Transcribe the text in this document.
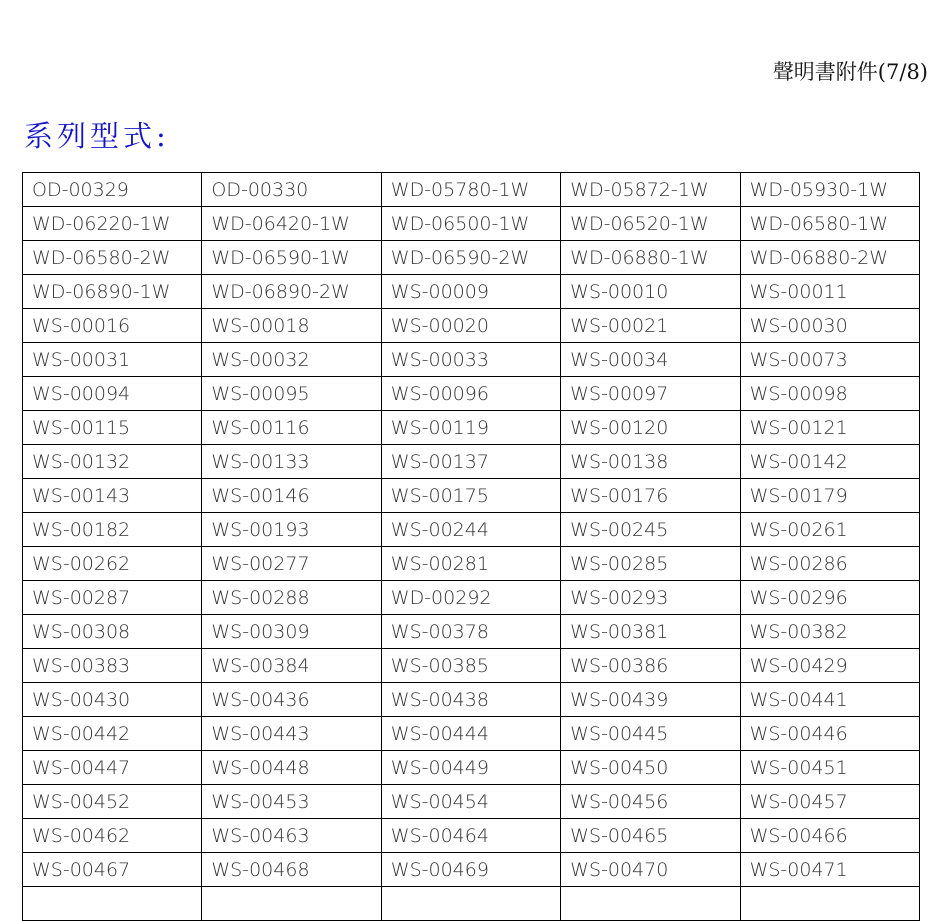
聲明書附件(7/8)
系列型式:
OD-00329	OD-00330	WD-05780-1W	WD-05872-1W	WD-05930-1W
WD-06220-1W	WD-06420-1W	WD-06500-1W	WD-06520-1W	WD-06580-1W
WD-06580-2W	WD-06590-1W	WD-06590-2W	WD-06880-1W	WD-06880-2W
WD-06890-1W	WD-06890-2W	WS-00009	WS-00010	WS-00011
WS-00016	WS-00018	WS-00020	WS-00021	WS-00030
WS-00031	WS-00032	WS-00033	WS-00034	WS-00073
WS-00094	WS-00095	WS-00096	WS-00097	WS-00098
WS-00115	WS-00116	WS-00119	WS-00120	WS-00121
WS-00132	WS-00133	WS-00137	WS-00138	WS-00142
WS-00143	WS-00146	WS-00175	WS-00176	WS-00179
WS-00182	WS-00193	WS-00244	WS-00245	WS-00261
WS-00262	WS-00277	WS-00281	WS-00285	WS-00286
WS-00287	WS-00288	WD-00292	WS-00293	WS-00296
WS-00308	WS-00309	WS-00378	WS-00381	WS-00382
WS-00383	WS-00384	WS-00385	WS-00386	WS-00429
WS-00430	WS-00436	WS-00438	WS-00439	WS-00441
WS-00442	WS-00443	WS-00444	WS-00445	WS-00446
WS-00447	WS-00448	WS-00449	WS-00450	WS-00451
WS-00452	WS-00453	WS-00454	WS-00456	WS-00457
WS-00462	WS-00463	WS-00464	WS-00465	WS-00466
WS-00467	WS-00468	WS-00469	WS-00470	WS-00471
